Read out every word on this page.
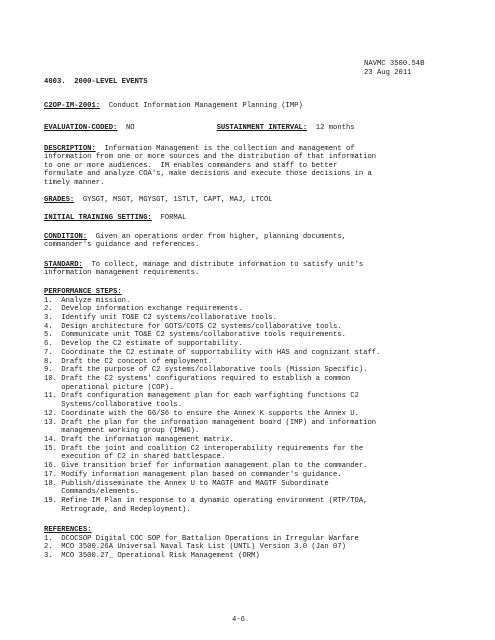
NAVMC 3500.54B
23 Aug 2011
4003. 2000-LEVEL EVENTS
C2OP-IM-2001: Conduct Information Management Planning (IMP)
EVALUATION-CODED: NO	SUSTAINMENT INTERVAL: 12 months
DESCRIPTION: Information Management is the collection and management of
information from one or more sources and the distribution of that information
to one or more audiences.  IM enables commanders and staff to better
formulate and analyze COA's, make decisions and execute those decisions in a
timely manner.
GRADES: GYSGT, MSGT, MGYSGT, 1STLT, CAPT, MAJ, LTCOL
INITIAL TRAINING SETTING: FORMAL
CONDITION: Given an operations order from higher, planning documents,
commander's guidance and references.
STANDARD: To collect, manage and distribute information to satisfy unit's
information management requirements.
PERFORMANCE STEPS:
1.  Analyze mission.
2.  Develop information exchange requirements.
3.  Identify unit TO&E C2 systems/collaborative tools.
4.  Design architecture for GOTS/COTS C2 systems/collaborative tools.
5.  Communicate unit TO&E C2 systems/collaborative tools requirements.
6.  Develop the C2 estimate of supportability.
7.  Coordinate the C2 estimate of supportability with HAS and cognizant staff.
8.  Draft the C2 concept of employment.
9.  Draft the purpose of C2 systems/collaborative tools (Mission Specific).
10. Draft the C2 systems' configurations required to establish a common
operational picture (COP).
11. Draft configuration management plan for each warfighting functions C2
Systems/collaborative tools.
12. Coordinate with the G6/S6 to ensure the Annex K supports the Annex U.
13. Draft the plan for the information management board (IMP) and information
management working group (IMWG).
14. Draft the information management matrix.
15. Draft the joint and coalition C2 interoperability requirements for the
execution of C2 in shared battlespace.
16. Give transition brief for information management plan to the commander.
17. Modify information management plan based on commander's guidance.
18. Publish/disseminate the Annex U to MAGTF and MAGTF Subordinate
Commands/elements.
19. Refine IM Plan in response to a dynamic operating environment (RTP/TOA,
Retrograde, and Redeployment).
REFERENCES:
1.  DCOCSOP Digital COC SOP for Battalion Operations in Irregular Warfare
2.  MCO 3500.26A Universal Naval Task List (UNTL) Version 3.0 (Jan 07)
3.  MCO 3500.27_ Operational Risk Management (ORM)
4-6
